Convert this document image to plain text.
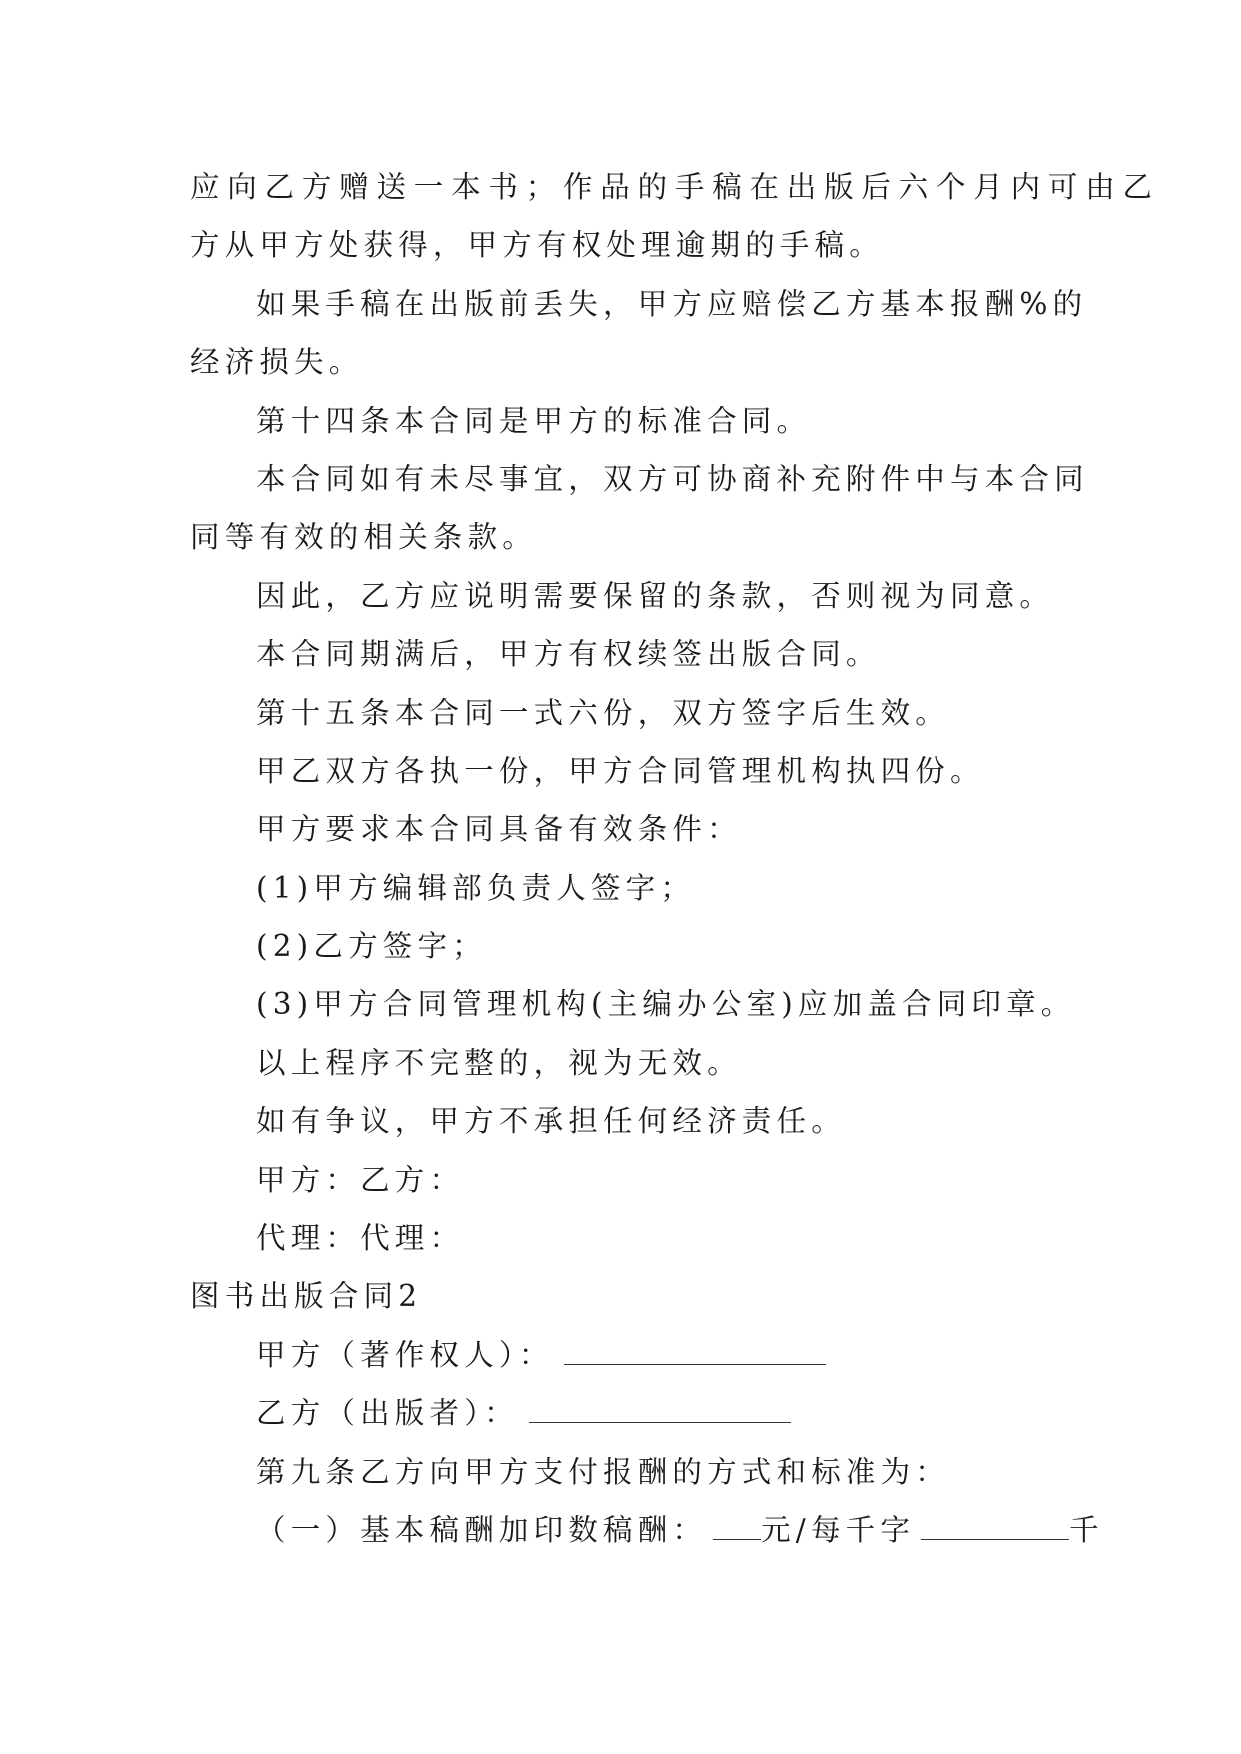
应向乙方赠送一本书；作品的手稿在出版后六个月内可由乙
方从甲方处获得，甲方有权处理逾期的手稿。
如果手稿在出版前丢失，甲方应赔偿乙方基本报酬%的
经济损失。
第十四条本合同是甲方的标准合同。
本合同如有未尽事宜，双方可协商补充附件中与本合同
同等有效的相关条款。
因此，乙方应说明需要保留的条款，否则视为同意。
本合同期满后，甲方有权续签出版合同。
第十五条本合同一式六份，双方签字后生效。
甲乙双方各执一份，甲方合同管理机构执四份。
甲方要求本合同具备有效条件：
(1)甲方编辑部负责人签字；
(2)乙方签字；
(3)甲方合同管理机构(主编办公室)应加盖合同印章。
以上程序不完整的，视为无效。
如有争议，甲方不承担任何经济责任。
甲方：乙方：
代理：代理：
图书出版合同2
甲方（著作权人）：
乙方（出版者）：
第九条乙方向甲方支付报酬的方式和标准为：
（一）基本稿酬加印数稿酬： 元/每千字	千
